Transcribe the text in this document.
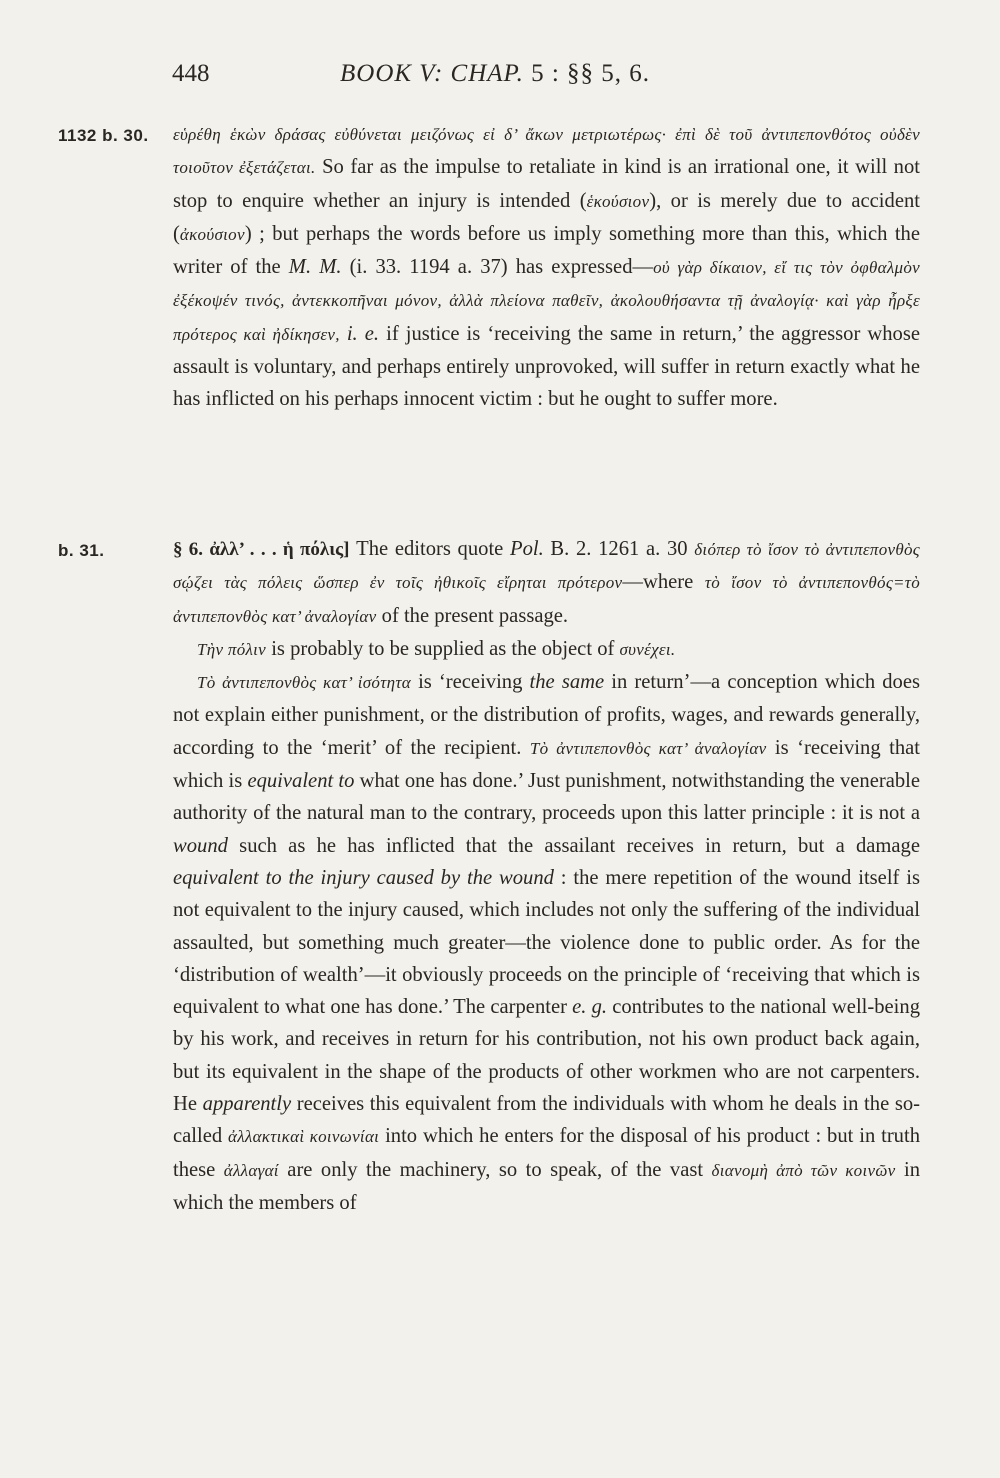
448	BOOK V: CHAP. 5 : §§ 5, 6.
1132 b. 30. εὑρέθη ἑκὼν δράσας εὐθύνεται μειζόνως εἰ δ’ ἄκων μετριωτέρως· ἐπὶ δὲ τοῦ ἀντιπεπονθότος οὐδὲν τοιοῦτον ἐξετάζεται. So far as the impulse to retaliate in kind is an irrational one, it will not stop to enquire whether an injury is intended (ἑκούσιον), or is merely due to accident (ἀκούσιον) ; but perhaps the words before us imply something more than this, which the writer of the M. M. (i. 33. 1194 a. 37) has expressed—οὐ γὰρ δίκαιον, εἴ τις τὸν ὀφθαλμὸν ἐξέκοψέν τινός, ἀντεκκοπῆναι μόνον, ἀλλὰ πλείονα παθεῖν, ἀκολουθήσαντα τῇ ἀναλογίᾳ· καὶ γὰρ ἦρξε πρότερος καὶ ἠδίκησεν, i. e. if justice is ‘receiving the same in return,’ the aggressor whose assault is voluntary, and perhaps entirely unprovoked, will suffer in return exactly what he has inflicted on his perhaps innocent victim : but he ought to suffer more.

b. 31.	§ 6. ἀλλ’ . . . ἡ πόλις] The editors quote Pol. B. 2. 1261 a. 30 διόπερ τὸ ἴσον τὸ ἀντιπεπονθὸς σῴζει τὰς πόλεις ὥσπερ ἐν τοῖς ἠθικοῖς εἴρηται πρότερον—where τὸ ἴσον τὸ ἀντιπεπονθός=τὸ ἀντιπεπονθὸς κατ’ ἀναλογίαν of the present passage.

Τὴν πόλιν is probably to be supplied as the object of συνέχει.

Τὸ ἀντιπεπονθὸς κατ’ ἰσότητα is ‘receiving the same in return’—a conception which does not explain either punishment, or the distribution of profits, wages, and rewards generally, according to the ‘merit’ of the recipient. Τὸ ἀντιπεπονθὸς κατ’ ἀναλογίαν is ‘receiving that which is equivalent to what one has done.’ Just punishment, notwithstanding the venerable authority of the natural man to the contrary, proceeds upon this latter principle : it is not a wound such as he has inflicted that the assailant receives in return, but a damage equivalent to the injury caused by the wound : the mere repetition of the wound itself is not equivalent to the injury caused, which includes not only the suffering of the individual assaulted, but something much greater—the violence done to public order. As for the ‘distribution of wealth’—it obviously proceeds on the principle of ‘receiving that which is equivalent to what one has done.’ The carpenter e. g. contributes to the national well-being by his work, and receives in return for his contribution, not his own product back again, but its equivalent in the shape of the products of other workmen who are not carpenters. He apparently receives this equivalent from the individuals with whom he deals in the so-called ἀλλακτικαὶ κοινωνίαι into which he enters for the disposal of his product : but in truth these ἀλλαγαί are only the machinery, so to speak, of the vast διανομὴ ἀπὸ τῶν κοινῶν in which the members of
